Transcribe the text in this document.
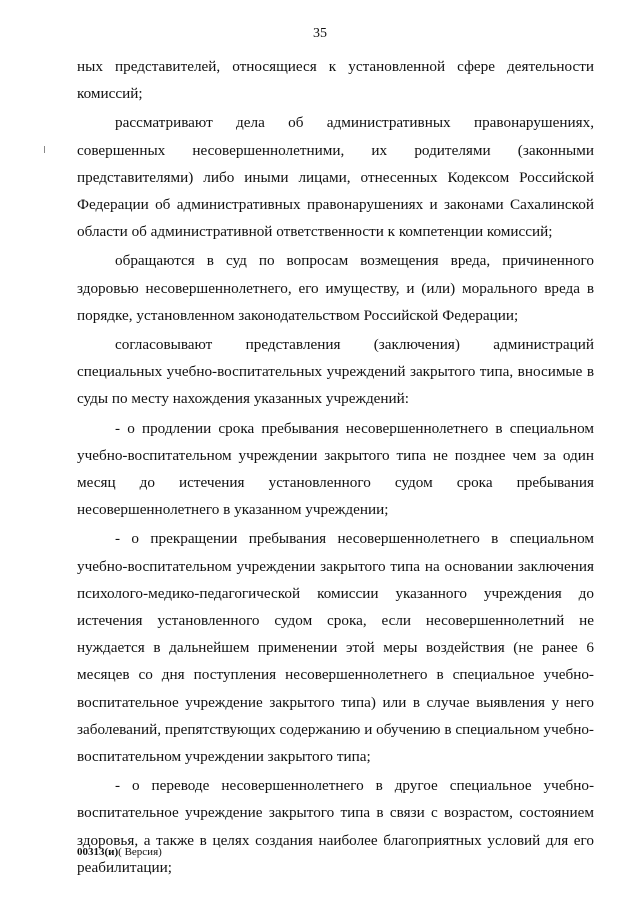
35

ных представителей, относящиеся к установленной сфере деятельности комиссий;

рассматривают дела об административных правонарушениях, совершенных несовершеннолетними, их родителями (законными представителями) либо иными лицами, отнесенных Кодексом Российской Федерации об административных правонарушениях и законами Сахалинской области об административной ответственности к компетенции комиссий;

обращаются в суд по вопросам возмещения вреда, причиненного здоровью несовершеннолетнего, его имуществу, и (или) морального вреда в порядке, установленном законодательством Российской Федерации;

согласовывают представления (заключения) администраций специальных учебно-воспитательных учреждений закрытого типа, вносимые в суды по месту нахождения указанных учреждений:

- о продлении срока пребывания несовершеннолетнего в специальном учебно-воспитательном учреждении закрытого типа не позднее чем за один месяц до истечения установленного судом срока пребывания несовершеннолетнего в указанном учреждении;

- о прекращении пребывания несовершеннолетнего в специальном учебно-воспитательном учреждении закрытого типа на основании заключения психолого-медико-педагогической комиссии указанного учреждения до истечения установленного судом срока, если несовершеннолетний не нуждается в дальнейшем применении этой меры воздействия (не ранее 6 месяцев со дня поступления несовершеннолетнего в специальное учебно-воспитательное учреждение закрытого типа) или в случае выявления у него заболеваний, препятствующих содержанию и обучению в специальном учебно-воспитательном учреждении закрытого типа;

- о переводе несовершеннолетнего в другое специальное учебно-воспитательное учреждение закрытого типа в связи с возрастом, состоянием здоровья, а также в целях создания наиболее благоприятных условий для его реабилитации;

00313(и)( Версия)
